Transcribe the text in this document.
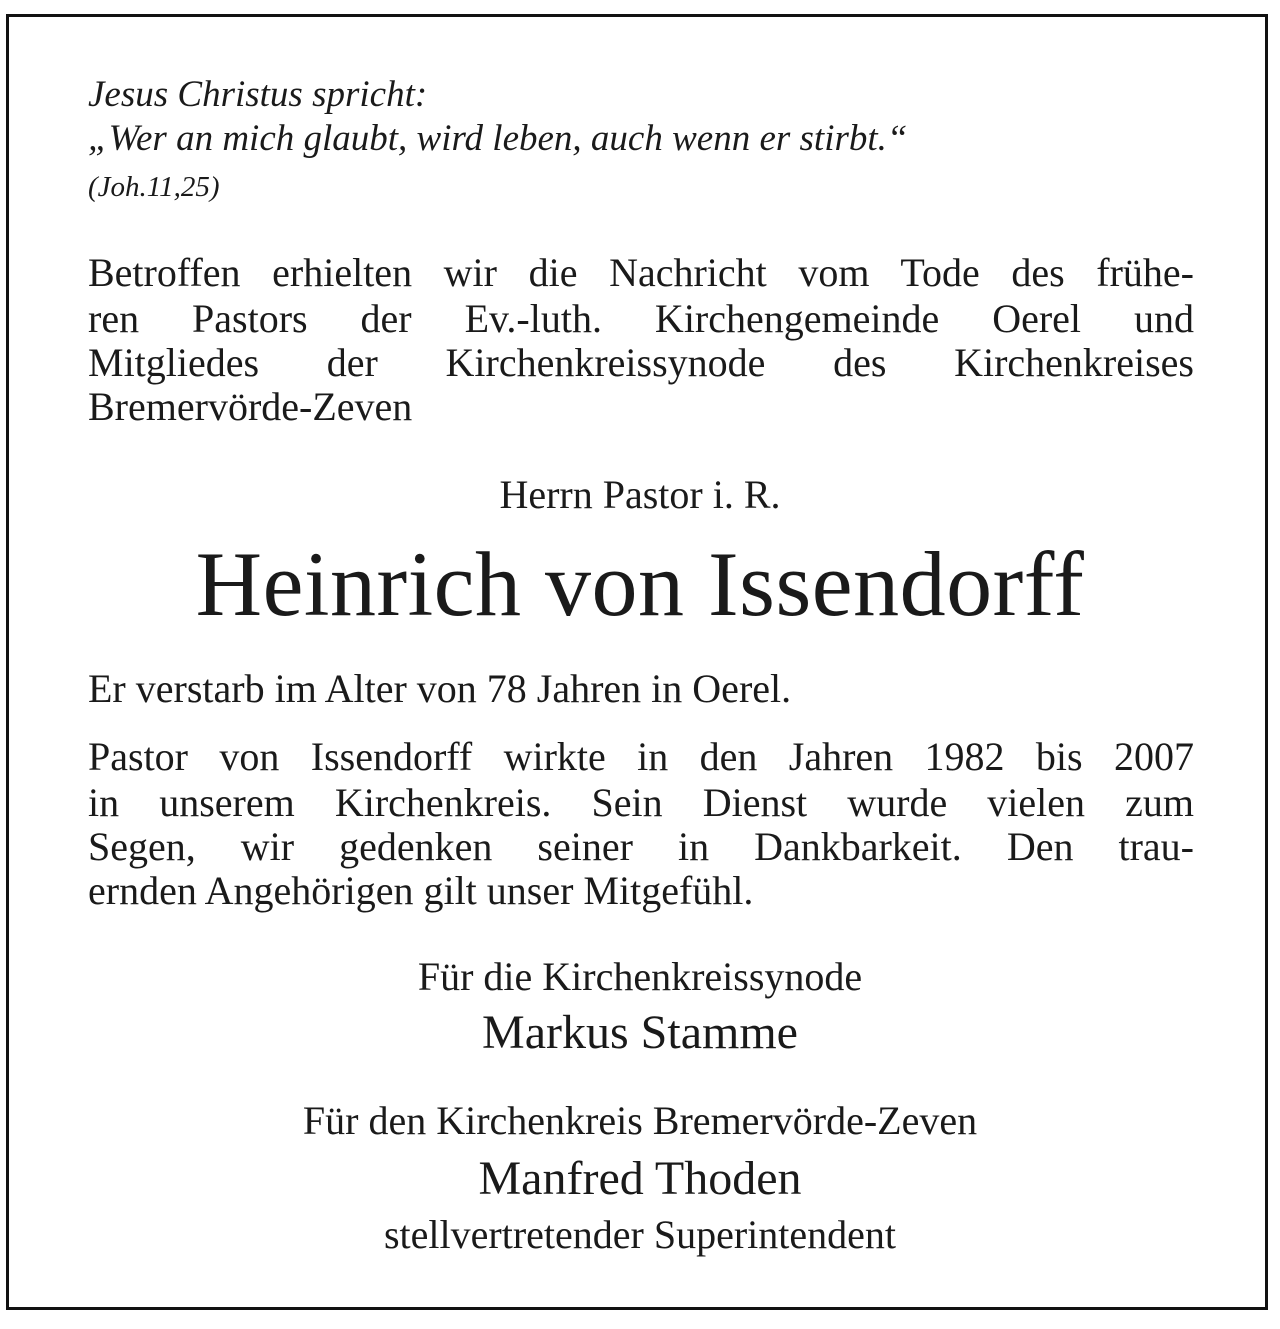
Jesus Christus spricht:

„Wer an mich glaubt, wird leben, auch wenn er stirbt.“

(Joh.11,25)

Betroffen erhielten wir die Nachricht vom Tode des frühe-

ren Pastors der Ev.-luth. Kirchengemeinde Oerel und

Mitgliedes der Kirchenkreissynode des Kirchenkreises

Bremervörde-Zeven

Herrn Pastor i. R.

Heinrich von Issendorff

Er verstarb im Alter von 78 Jahren in Oerel.

Pastor von Issendorff wirkte in den Jahren 1982 bis 2007

in unserem Kirchenkreis. Sein Dienst wurde vielen zum

Segen, wir gedenken seiner in Dankbarkeit. Den trau-

ernden Angehörigen gilt unser Mitgefühl.

Für die Kirchenkreissynode

Markus Stamme

Für den Kirchenkreis Bremervörde-Zeven

Manfred Thoden

stellvertretender Superintendent
